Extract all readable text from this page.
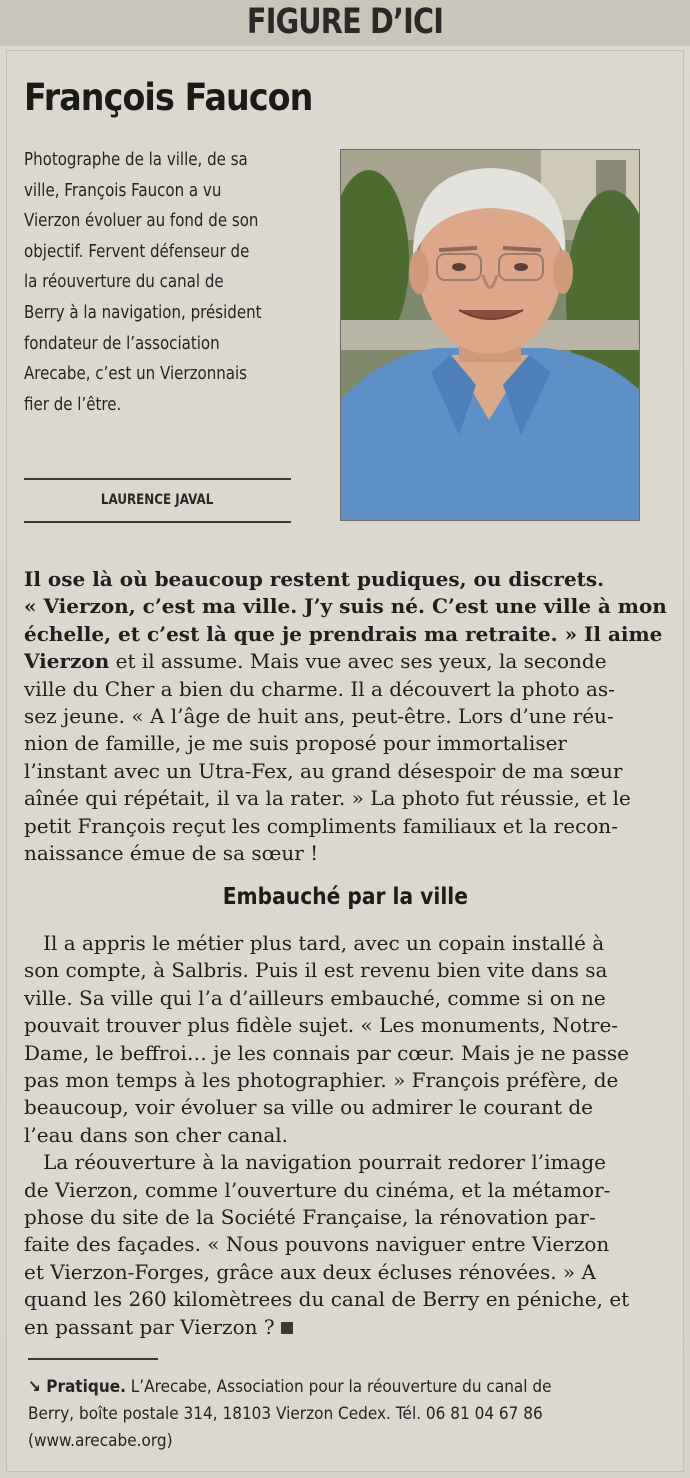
FIGURE D’ICI
François Faucon
Photographe de la ville, de sa
ville, François Faucon a vu
Vierzon évoluer au fond de son
objectif. Fervent défenseur de
la réouverture du canal de
Berry à la navigation, président
fondateur de l’association
Arecabe, c’est un Vierzonnais
fier de l’être.
LAURENCE JAVAL
Il ose là où beaucoup restent pudiques, ou discrets.
« Vierzon, c’est ma ville. J’y suis né. C’est une ville à mon
échelle, et c’est là que je prendrais ma retraite. » Il aime
Vierzon et il assume. Mais vue avec ses yeux, la seconde
ville du Cher a bien du charme. Il a découvert la photo as-
sez jeune. « A l’âge de huit ans, peut-être. Lors d’une réu-
nion de famille, je me suis proposé pour immortaliser
l’instant avec un Utra-Fex, au grand désespoir de ma sœur
aînée qui répétait, il va la rater. » La photo fut réussie, et le
petit François reçut les compliments familiaux et la recon-
naissance émue de sa sœur !
Embauché par la ville
Il a appris le métier plus tard, avec un copain installé à
son compte, à Salbris. Puis il est revenu bien vite dans sa
ville. Sa ville qui l’a d’ailleurs embauché, comme si on ne
pouvait trouver plus fidèle sujet. « Les monuments, Notre-
Dame, le beffroi… je les connais par cœur. Mais je ne passe
pas mon temps à les photographier. » François préfère, de
beaucoup, voir évoluer sa ville ou admirer le courant de
l’eau dans son cher canal.
La réouverture à la navigation pourrait redorer l’image
de Vierzon, comme l’ouverture du cinéma, et la métamor-
phose du site de la Société Française, la rénovation par-
faite des façades. « Nous pouvons naviguer entre Vierzon
et Vierzon-Forges, grâce aux deux écluses rénovées. » A
quand les 260 kilomètrees du canal de Berry en péniche, et
en passant par Vierzon ?
↘ Pratique. L’Arecabe, Association pour la réouverture du canal de
Berry, boîte postale 314, 18103 Vierzon Cedex. Tél. 06 81 04 67 86
(www.arecabe.org)
